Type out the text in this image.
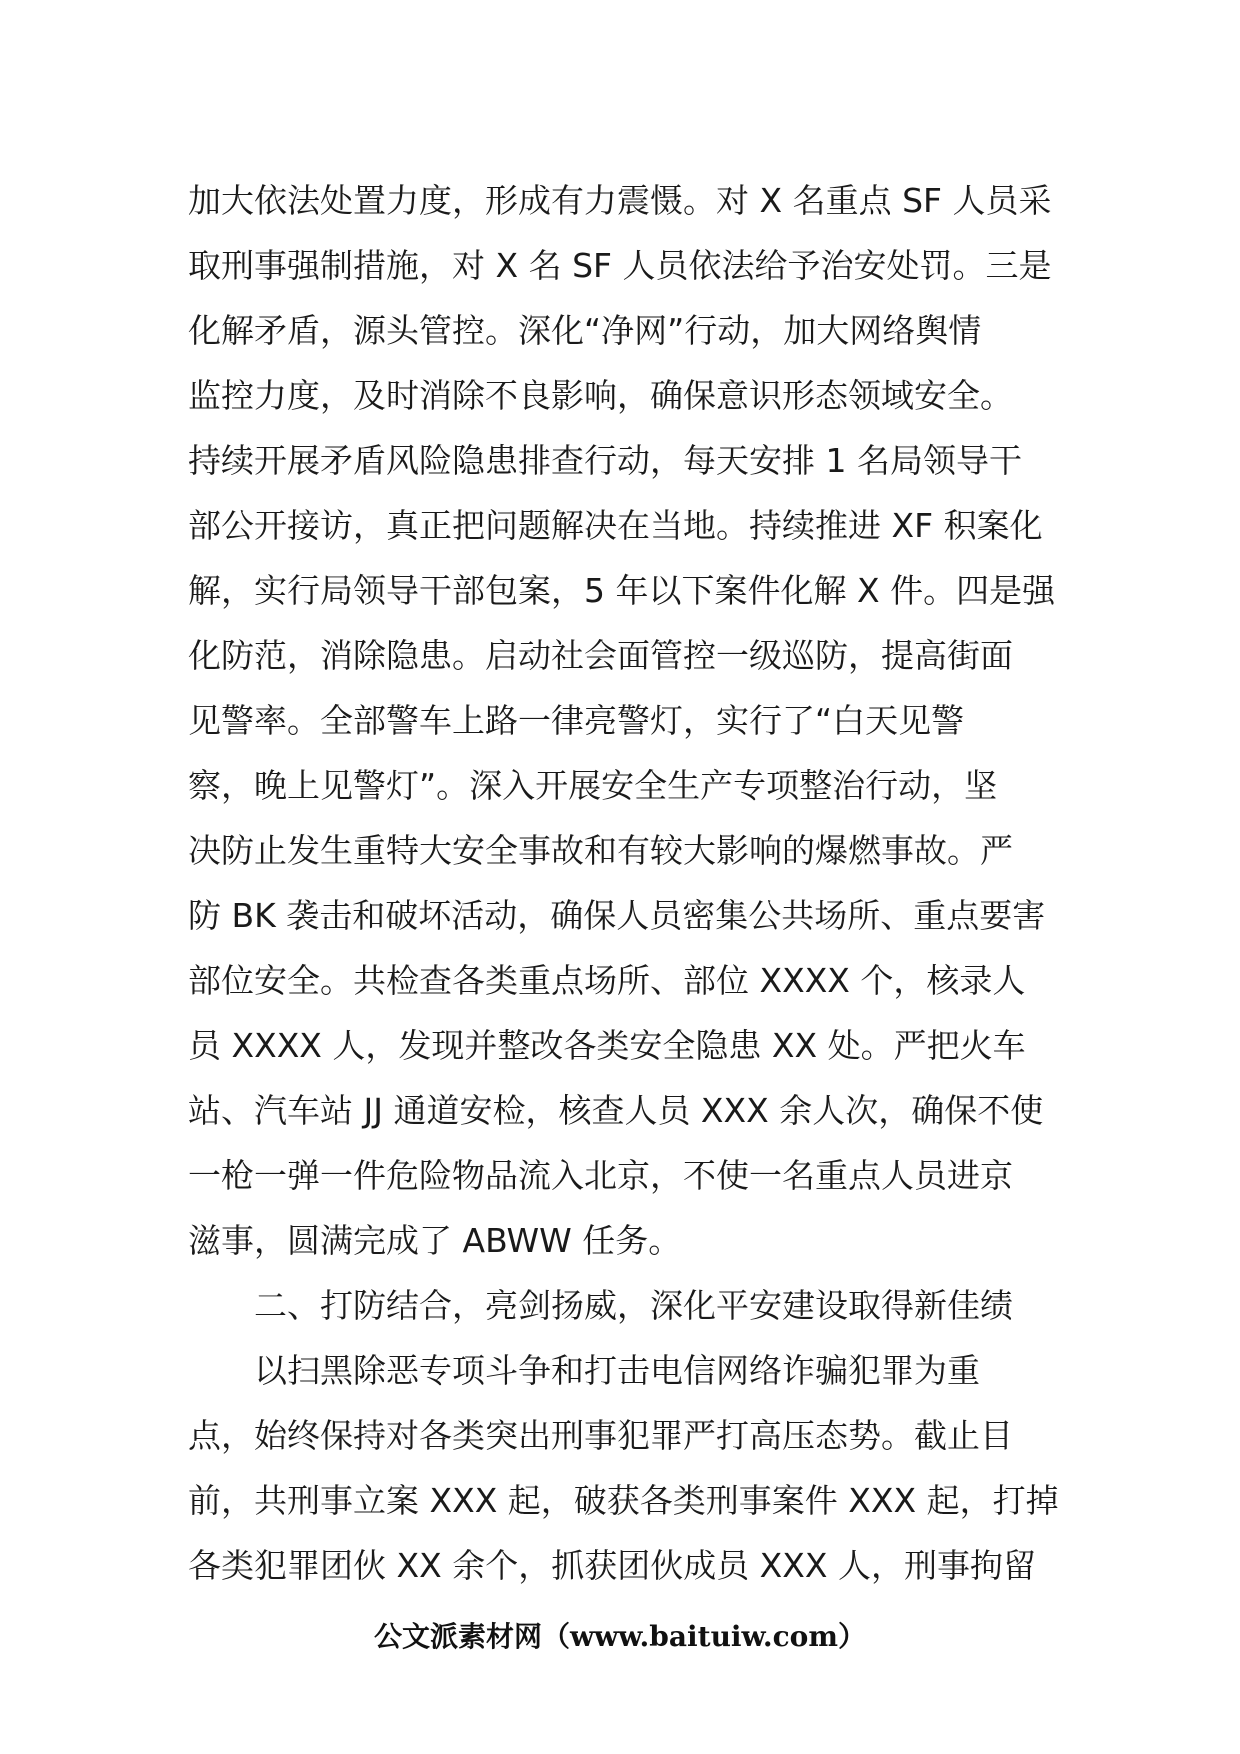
加大依法处置力度，形成有力震慑。对 X 名重点 SF 人员采
取刑事强制措施，对 X 名 SF 人员依法给予治安处罚。三是
化解矛盾，源头管控。深化“净网”行动，加大网络舆情
监控力度，及时消除不良影响，确保意识形态领域安全。
持续开展矛盾风险隐患排查行动，每天安排 1 名局领导干
部公开接访，真正把问题解决在当地。持续推进 XF 积案化
解，实行局领导干部包案，5 年以下案件化解 X 件。四是强
化防范，消除隐患。启动社会面管控一级巡防，提高街面
见警率。全部警车上路一律亮警灯，实行了“白天见警
察，晚上见警灯”。深入开展安全生产专项整治行动，坚
决防止发生重特大安全事故和有较大影响的爆燃事故。严
防 BK 袭击和破坏活动，确保人员密集公共场所、重点要害
部位安全。共检查各类重点场所、部位 XXXX 个，核录人
员 XXXX 人，发现并整改各类安全隐患 XX 处。严把火车
站、汽车站 JJ 通道安检，核查人员 XXX 余人次，确保不使
一枪一弹一件危险物品流入北京，不使一名重点人员进京
滋事，圆满完成了 ABWW 任务。
　　二、打防结合，亮剑扬威，深化平安建设取得新佳绩
　　以扫黑除恶专项斗争和打击电信网络诈骗犯罪为重
点，始终保持对各类突出刑事犯罪严打高压态势。截止目
前，共刑事立案 XXX 起，破获各类刑事案件 XXX 起，打掉
各类犯罪团伙 XX 余个，抓获团伙成员 XXX 人，刑事拘留
公文派素材网（www.baituiw.com）
